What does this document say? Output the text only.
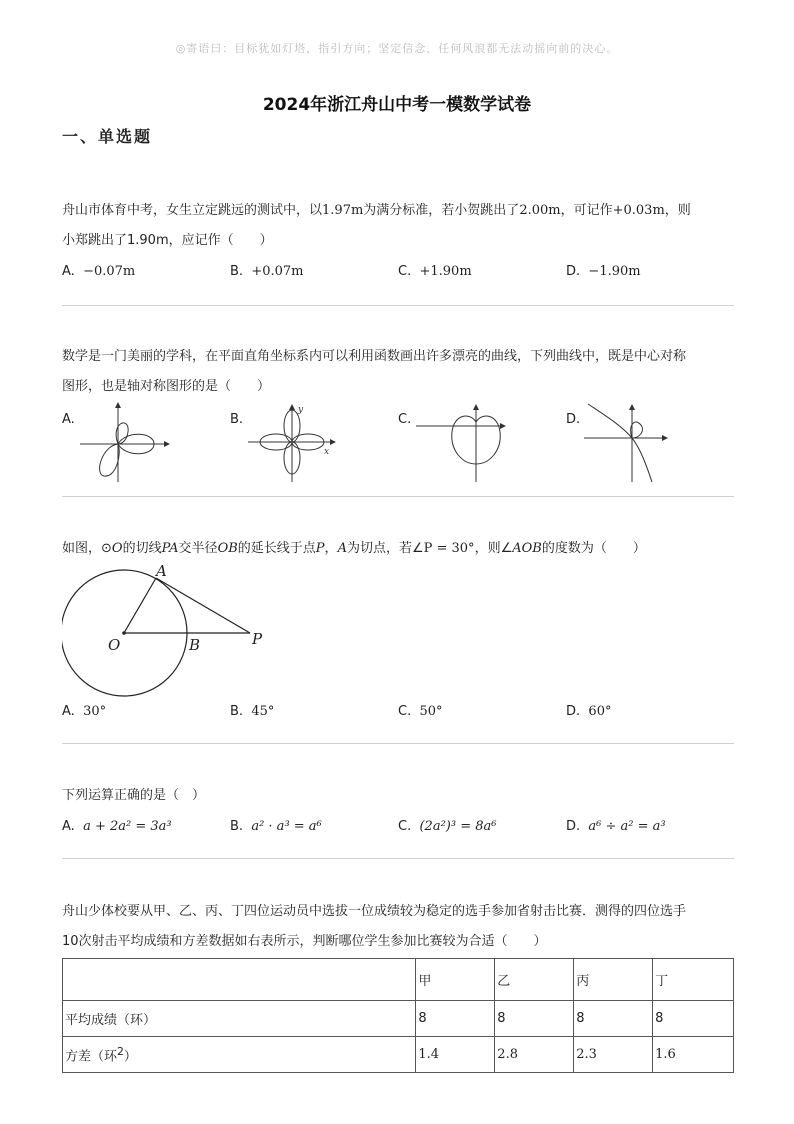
◎寄语曰：目标犹如灯塔，指引方向；坚定信念，任何风浪都无法动摇向前的决心。
2024年浙江舟山中考一模数学试卷
一、单选题
舟山市体育中考，女生立定跳远的测试中，以1.97m为满分标准，若小贺跳出了2.00m，可记作+0.03m，则
小郑跳出了1.90m，应记作（　　）
A. −0.07m	B. +0.07m	C. +1.90m	D. −1.90m
数学是一门美丽的学科，在平面直角坐标系内可以利用函数画出许多漂亮的曲线，下列曲线中，既是中心对称
图形，也是轴对称图形的是（　　）
A.	B.
y
x
C.	D.
如图，⊙O的切线PA交半径OB的延长线于点P，A为切点，若∠P = 30°，则∠AOB的度数为（　　）
A
O	B	P
A. 30°	B. 45°	C. 50°	D. 60°
下列运算正确的是（　）
A. a + 2a² = 3a³	B. a² · a³ = a⁶	C. (2a²)³ = 8a⁶	D. a⁶ ÷ a² = a³
舟山少体校要从甲、乙、丙、丁四位运动员中选拔一位成绩较为稳定的选手参加省射击比赛．测得的四位选手
10次射击平均成绩和方差数据如右表所示，判断哪位学生参加比赛较为合适（　　）
	甲	乙	丙	丁
平均成绩（环）	8	8	8	8
方差（环$^2$）	1.4	2.8	2.3	1.6
